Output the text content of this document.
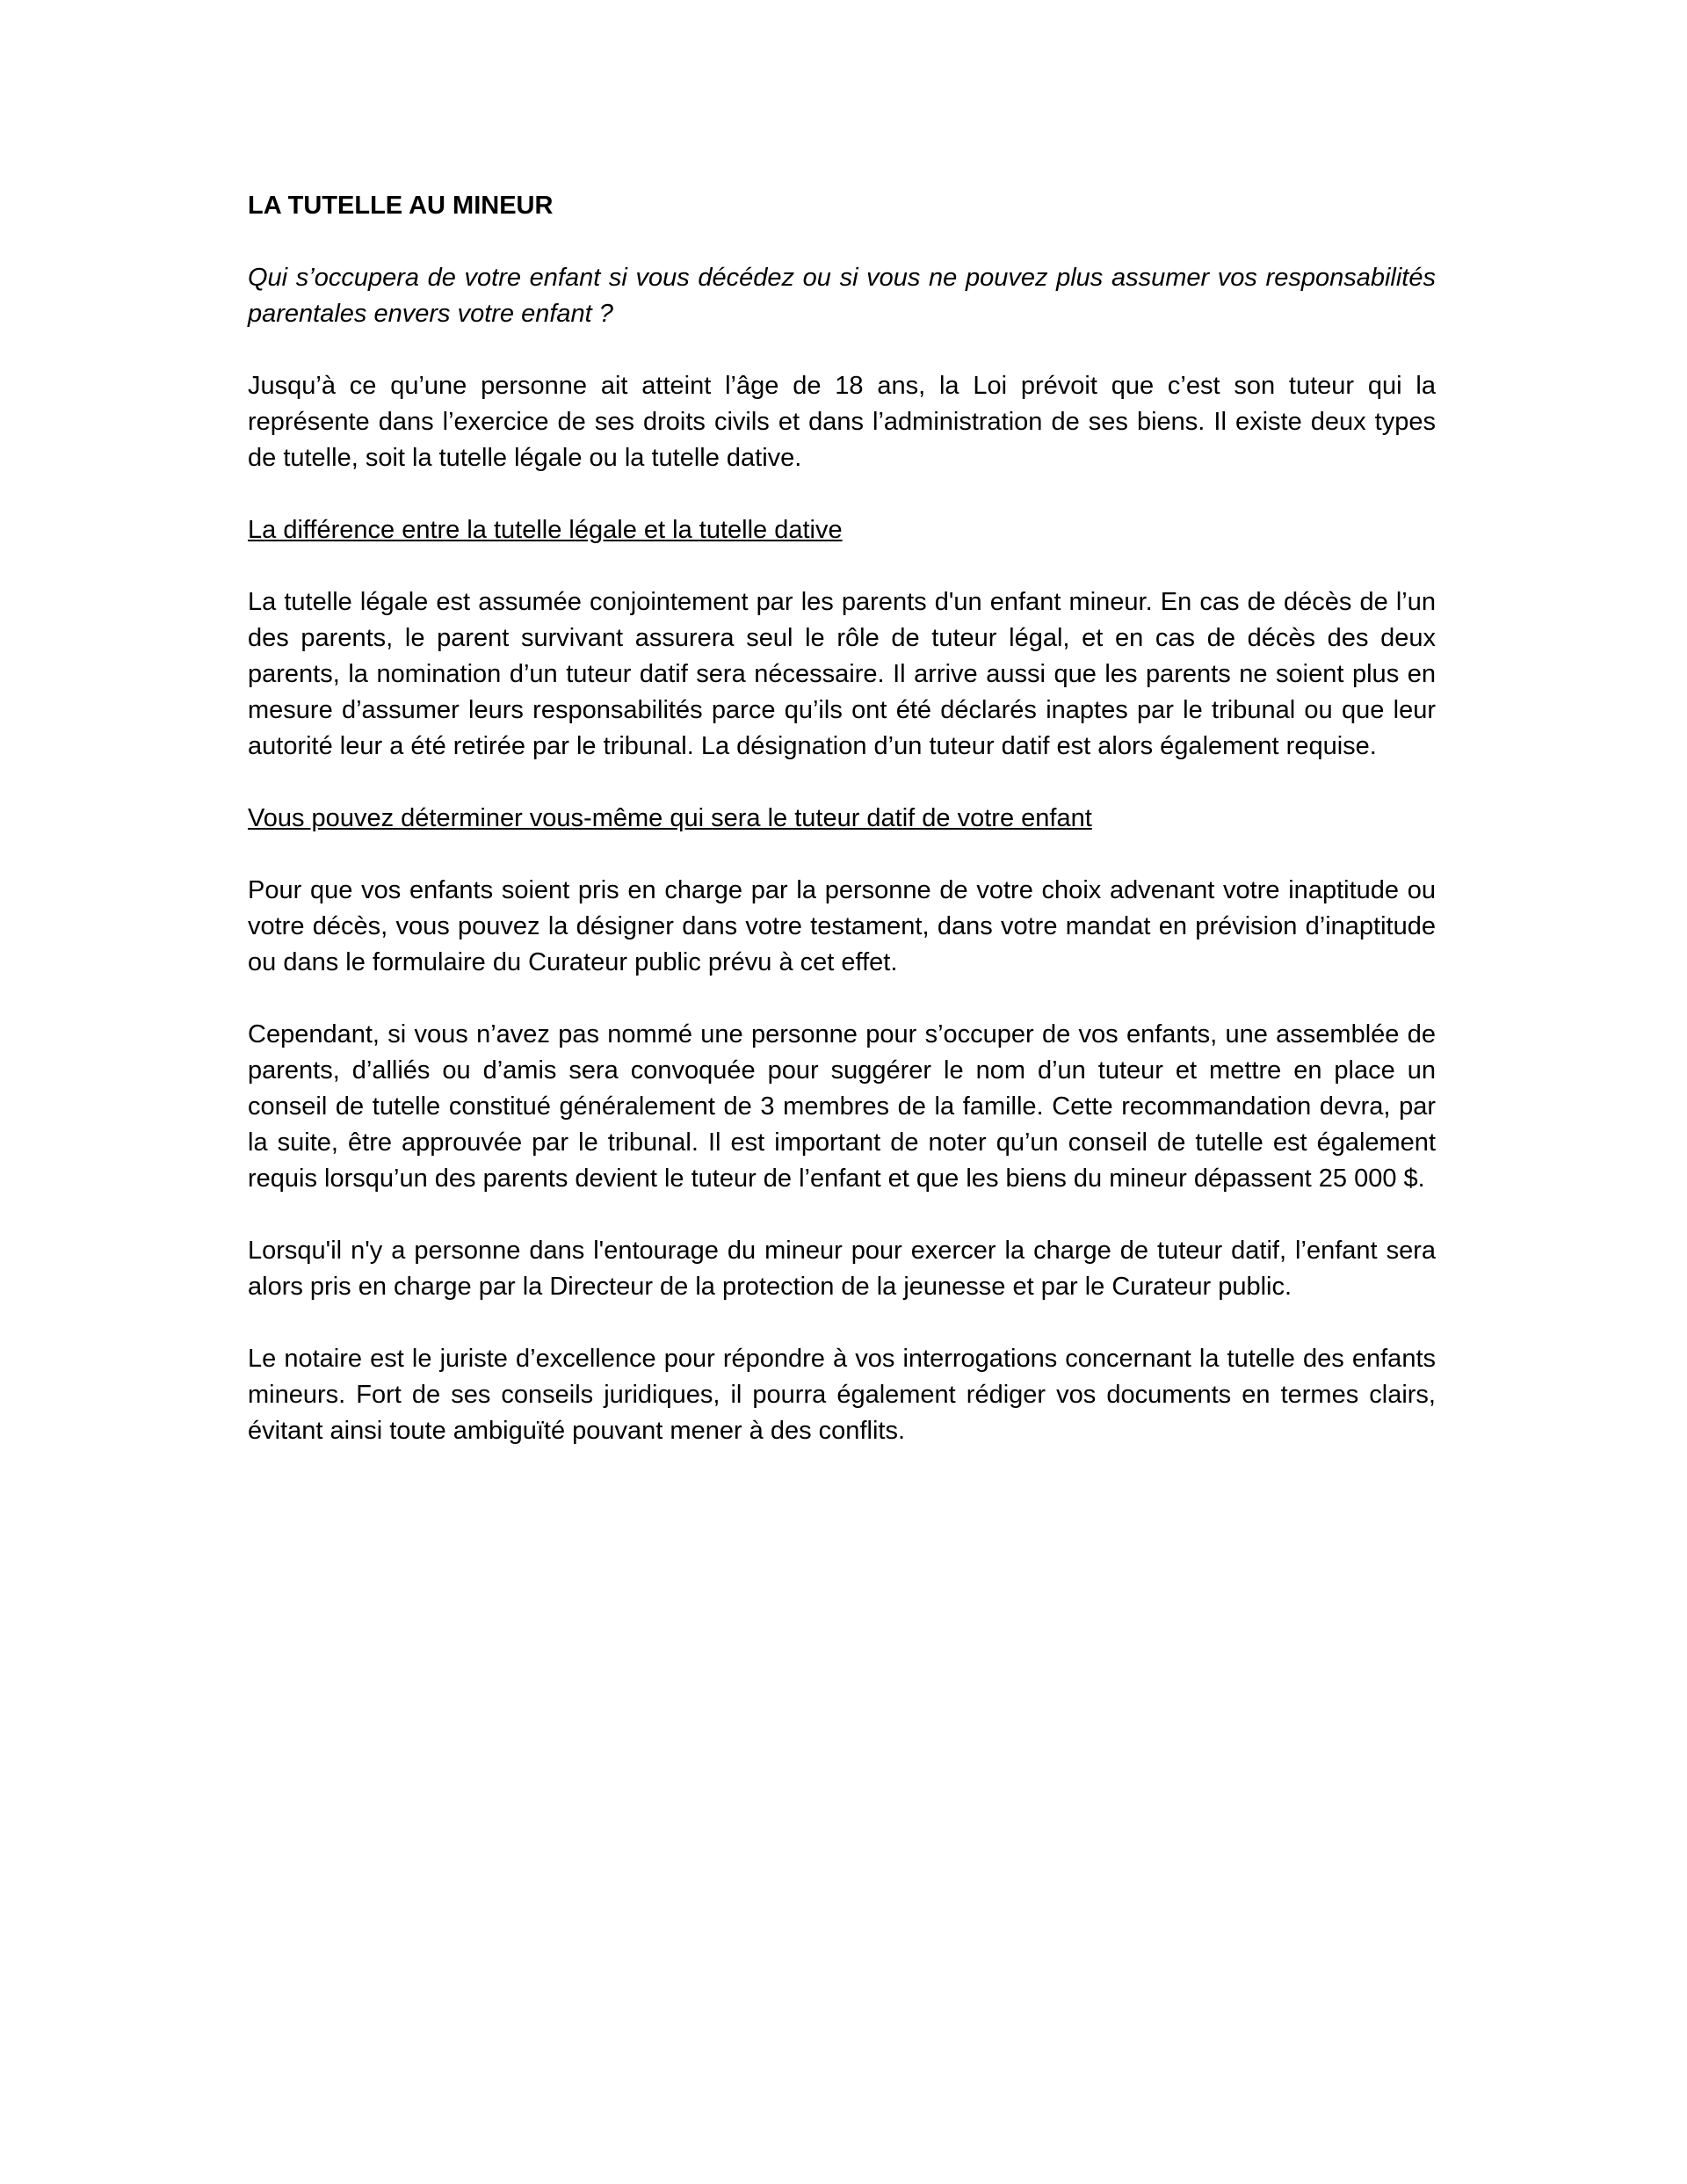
LA TUTELLE AU MINEUR

Qui s’occupera de votre enfant si vous décédez ou si vous ne pouvez plus assumer vos responsabilités parentales envers votre enfant ?

Jusqu’à ce qu’une personne ait atteint l’âge de 18 ans, la Loi prévoit que c’est son tuteur qui la représente dans l’exercice de ses droits civils et dans l’administration de ses biens. Il existe deux types de tutelle, soit la tutelle légale ou la tutelle dative.

La différence entre la tutelle légale et la tutelle dative

La tutelle légale est assumée conjointement par les parents d'un enfant mineur. En cas de décès de l’un des parents, le parent survivant assurera seul le rôle de tuteur légal, et en cas de décès des deux parents, la nomination d’un tuteur datif sera nécessaire. Il arrive aussi que les parents ne soient plus en mesure d’assumer leurs responsabilités parce qu’ils ont été déclarés inaptes par le tribunal ou que leur autorité leur a été retirée par le tribunal. La désignation d’un tuteur datif est alors également requise.

Vous pouvez déterminer vous-même qui sera le tuteur datif de votre enfant

Pour que vos enfants soient pris en charge par la personne de votre choix advenant votre inaptitude ou votre décès, vous pouvez la désigner dans votre testament, dans votre mandat en prévision d’inaptitude ou dans le formulaire du Curateur public prévu à cet effet.

Cependant, si vous n’avez pas nommé une personne pour s’occuper de vos enfants, une assemblée de parents, d’alliés ou d’amis sera convoquée pour suggérer le nom d’un tuteur et mettre en place un conseil de tutelle constitué généralement de 3 membres de la famille. Cette recommandation devra, par la suite, être approuvée par le tribunal. Il est important de noter qu’un conseil de tutelle est également requis lorsqu’un des parents devient le tuteur de l’enfant et que les biens du mineur dépassent 25 000 $.

Lorsqu'il n'y a personne dans l'entourage du mineur pour exercer la charge de tuteur datif, l’enfant sera alors pris en charge par la Directeur de la protection de la jeunesse et par le Curateur public.

Le notaire est le juriste d’excellence pour répondre à vos interrogations concernant la tutelle des enfants mineurs. Fort de ses conseils juridiques, il pourra également rédiger vos documents en termes clairs, évitant ainsi toute ambiguïté pouvant mener à des conflits.
